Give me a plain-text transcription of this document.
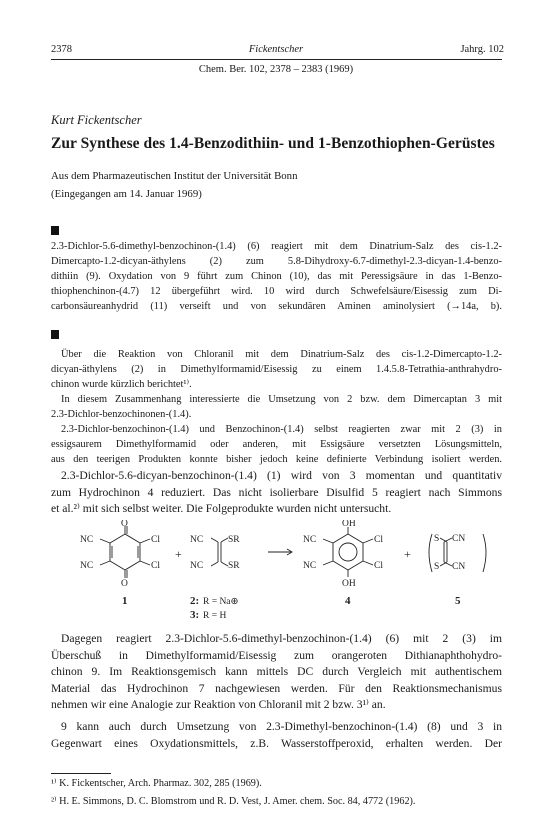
2378	Fickentscher	Jahrg. 102
Chem. Ber. 102, 2378 – 2383 (1969)
Kurt Fickentscher
Zur Synthese des 1.4-Benzodithiin- und 1-Benzothiophen-Gerüstes
Aus dem Pharmazeutischen Institut der Universität Bonn
(Eingegangen am 14. Januar 1969)
2.3-Dichlor-5.6-dimethyl-benzochinon-(1.4) (6) reagiert mit dem Dinatrium-Salz des cis-1.2-
Dimercapto-1.2-dicyan-äthylens (2) zum 5.8-Dihydroxy-6.7-dimethyl-2.3-dicyan-1.4-benzo-
dithiin (9). Oxydation von 9 führt zum Chinon (10), das mit Peressigsäure in das 1-Benzo-
thiophenchinon-(4.7) 12 übergeführt wird. 10 wird durch Schwefelsäure/Eisessig zum Di-
carbonsäureanhydrid (11) verseift und von sekundären Aminen aminolysiert (→14a, b).
Über die Reaktion von Chloranil mit dem Dinatrium-Salz des cis-1.2-Dimercapto-1.2-
dicyan-äthylens (2) in Dimethylformamid/Eisessig zu einem 1.4.5.8-Tetrathia-anthrahydro-
chinon wurde kürzlich berichtet¹⁾.
In diesem Zusammenhang interessierte die Umsetzung von 2 bzw. dem Dimercaptan 3 mit
2.3-Dichlor-benzochinonen-(1.4).
2.3-Dichlor-benzochinon-(1.4) und Benzochinon-(1.4) selbst reagierten zwar mit 2 (3) in
essigsaurem Dimethylformamid oder anderen, mit Essigsäure versetzten Lösungsmitteln,
aus den teerigen Produkten konnte bisher jedoch keine definierte Verbindung isoliert werden.
2.3-Dichlor-5.6-dicyan-benzochinon-(1.4) (1) wird von 3 momentan und quantitativ
zum Hydrochinon 4 reduziert. Das nicht isolierbare Disulfid 5 reagiert nach Simmons
et al.²⁾ mit sich selbst weiter. Die Folgeprodukte wurden nicht untersucht.
O
O
NC
NC
Cl
Cl
NC
NC
SR
SR
OH
OH
NC
NC
Cl
Cl
S
S
CN
CN
+	+
1	4	5
2:
3:
R = Na⊕
R = H
Dagegen reagiert 2.3-Dichlor-5.6-dimethyl-benzochinon-(1.4) (6) mit 2 (3) im
Überschuß in Dimethylformamid/Eisessig zum orangeroten Dithianaphthohydro-
chinon 9. Im Reaktionsgemisch kann mittels DC durch Vergleich mit authentischem
Material das Hydrochinon 7 nachgewiesen werden. Für den Reaktionsmechanismus
nehmen wir eine Analogie zur Reaktion von Chloranil mit 2 bzw. 3¹⁾ an.
9 kann auch durch Umsetzung von 2.3-Dimethyl-benzochinon-(1.4) (8) und 3 in
Gegenwart eines Oxydationsmittels, z.B. Wasserstoffperoxid, erhalten werden. Der
¹⁾ K. Fickentscher, Arch. Pharmaz. 302, 285 (1969).
²⁾ H. E. Simmons, D. C. Blomstrom und R. D. Vest, J. Amer. chem. Soc. 84, 4772 (1962).
